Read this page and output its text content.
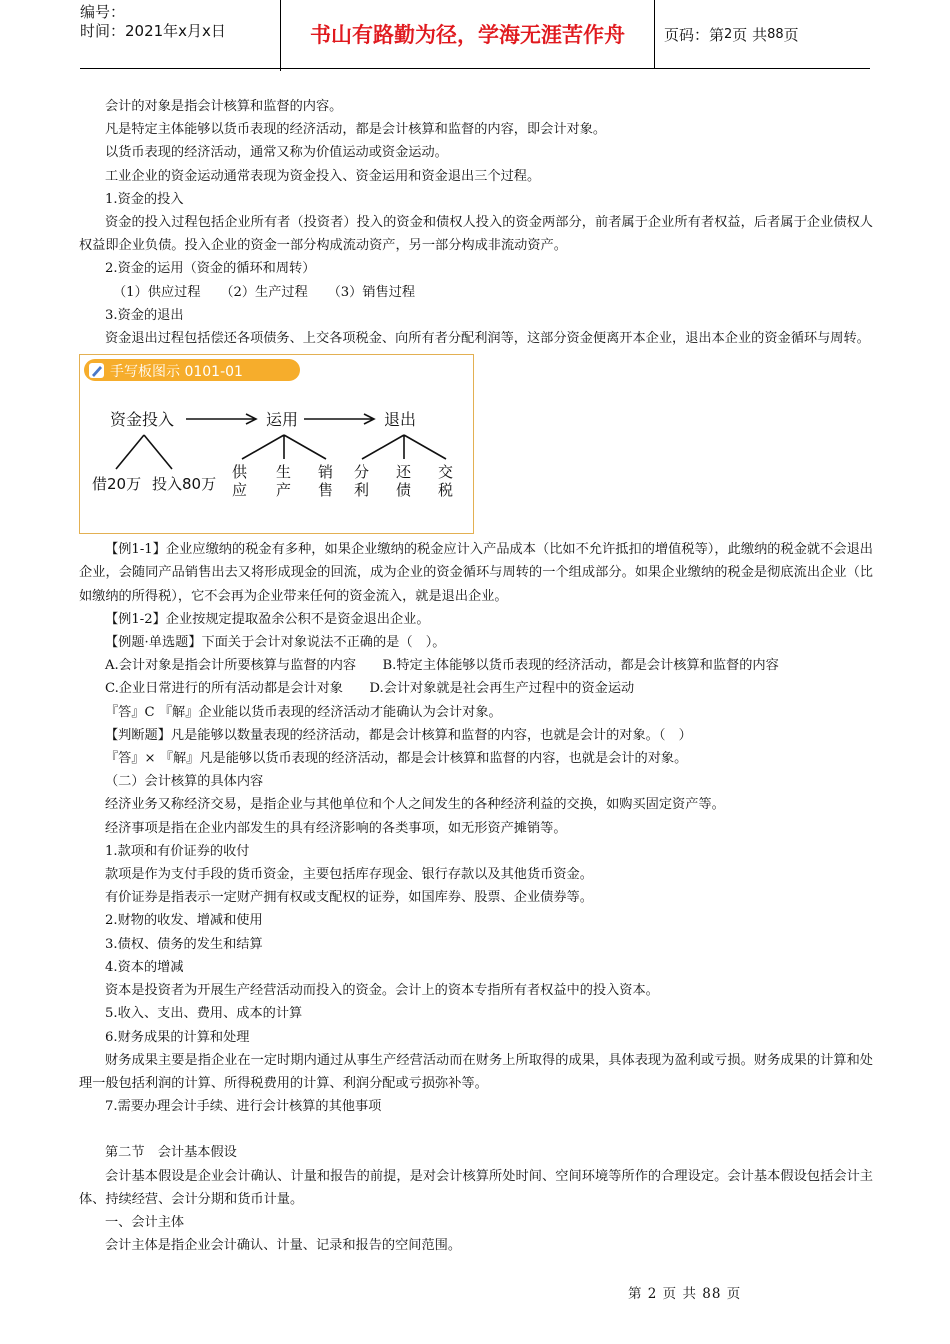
编号：
时间：2021年x月x日	书山有路勤为径，学海无涯苦作舟	页码：第 2 页 共 88 页

会计的对象是指会计核算和监督的内容。

凡是特定主体能够以货币表现的经济活动，都是会计核算和监督的内容，即会计对象。

以货币表现的经济活动，通常又称为价值运动或资金运动。

工业企业的资金运动通常表现为资金投入、资金运用和资金退出三个过程。

1.资金的投入

资金的投入过程包括企业所有者（投资者）投入的资金和债权人投入的资金两部分，前者属于企业所有者权益，后者属于企业债权人权益即企业负债。投入企业的资金一部分构成流动资产，另一部分构成非流动资产。

2.资金的运用（资金的循环和周转）

（1）供应过程　　（2）生产过程　　（3）销售过程

3.资金的退出

资金退出过程包括偿还各项债务、上交各项税金、向所有者分配利润等，这部分资金便离开本企业，退出本企业的资金循环与周转。

手写板图示 0101-01
资金投入	运用	退出
借20万 投入80万
供
应
生
产
销
售
分
利
还
债
交
税

【例1-1】企业应缴纳的税金有多种，如果企业缴纳的税金应计入产品成本（比如不允许抵扣的增值税等），此缴纳的税金就不会退出企业，会随同产品销售出去又将形成现金的回流，成为企业的资金循环与周转的一个组成部分。如果企业缴纳的税金是彻底流出企业（比如缴纳的所得税），它不会再为企业带来任何的资金流入，就是退出企业。

【例1-2】企业按规定提取盈余公积不是资金退出企业。

【例题·单选题】下面关于会计对象说法不正确的是（　）。

A.会计对象是指会计所要核算与监督的内容　　B.特定主体能够以货币表现的经济活动，都是会计核算和监督的内容

C.企业日常进行的所有活动都是会计对象　　D.会计对象就是社会再生产过程中的资金运动

『答』C 『解』企业能以货币表现的经济活动才能确认为会计对象。

【判断题】凡是能够以数量表现的经济活动，都是会计核算和监督的内容，也就是会计的对象。（　）

『答』× 『解』凡是能够以货币表现的经济活动，都是会计核算和监督的内容，也就是会计的对象。

（二）会计核算的具体内容

经济业务又称经济交易，是指企业与其他单位和个人之间发生的各种经济利益的交换，如购买固定资产等。

经济事项是指在企业内部发生的具有经济影响的各类事项，如无形资产摊销等。

1.款项和有价证券的收付

款项是作为支付手段的货币资金，主要包括库存现金、银行存款以及其他货币资金。

有价证券是指表示一定财产拥有权或支配权的证券，如国库券、股票、企业债券等。

2.财物的收发、增减和使用

3.债权、债务的发生和结算

4.资本的增减

资本是投资者为开展生产经营活动而投入的资金。会计上的资本专指所有者权益中的投入资本。

5.收入、支出、费用、成本的计算

6.财务成果的计算和处理

财务成果主要是指企业在一定时期内通过从事生产经营活动而在财务上所取得的成果，具体表现为盈利或亏损。财务成果的计算和处理一般包括利润的计算、所得税费用的计算、利润分配或亏损弥补等。

7.需要办理会计手续、进行会计核算的其他事项

第二节　会计基本假设

会计基本假设是企业会计确认、计量和报告的前提，是对会计核算所处时间、空间环境等所作的合理设定。会计基本假设包括会计主体、持续经营、会计分期和货币计量。

一、会计主体

会计主体是指企业会计确认、计量、记录和报告的空间范围。

第 2 页 共 88 页
